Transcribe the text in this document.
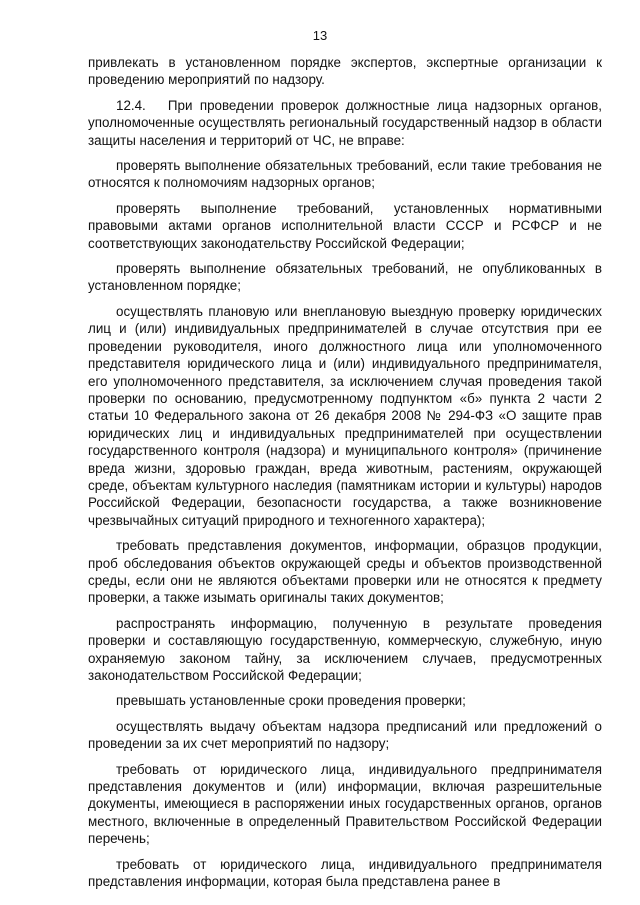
13

привлекать в установленном порядке экспертов, экспертные организации к проведению мероприятий по надзору.

12.4.   При проведении проверок должностные лица надзорных органов, уполномоченные осуществлять региональный государственный надзор в области защиты населения и территорий от ЧС, не вправе:

проверять выполнение обязательных требований, если такие требования не относятся к полномочиям надзорных органов;

проверять выполнение требований, установленных нормативными правовыми актами органов исполнительной власти СССР и РСФСР и не соответствующих законодательству Российской Федерации;

проверять выполнение обязательных требований, не опубликованных в установленном порядке;

осуществлять плановую или внеплановую выездную проверку юридических лиц и (или) индивидуальных предпринимателей в случае отсутствия при ее проведении руководителя, иного должностного лица или уполномоченного представителя юридического лица и (или) индивидуального предпринимателя, его уполномоченного представителя, за исключением случая проведения такой проверки по основанию, предусмотренному подпунктом «б» пункта 2 части 2 статьи 10 Федерального закона от 26 декабря 2008 № 294-ФЗ «О защите прав юридических лиц и индивидуальных предпринимателей при осуществлении государственного контроля (надзора) и муниципального контроля» (причинение вреда жизни, здоровью граждан, вреда животным, растениям, окружающей среде, объектам культурного наследия (памятникам истории и культуры) народов Российской Федерации, безопасности государства, а также возникновение чрезвычайных ситуаций природного и техногенного характера);

требовать представления документов, информации, образцов продукции, проб обследования объектов окружающей среды и объектов производственной среды, если они не являются объектами проверки или не относятся к предмету проверки, а также изымать оригиналы таких документов;

распространять информацию, полученную в результате проведения проверки и составляющую государственную, коммерческую, служебную, иную охраняемую законом тайну, за исключением случаев, предусмотренных законодательством Российской Федерации;

превышать установленные сроки проведения проверки;

осуществлять выдачу объектам надзора предписаний или предложений о проведении за их счет мероприятий по надзору;

требовать от юридического лица, индивидуального предпринимателя представления документов и (или) информации, включая разрешительные документы, имеющиеся в распоряжении иных государственных органов, органов местного, включенные в определенный Правительством Российской Федерации перечень;

требовать от юридического лица, индивидуального предпринимателя представления информации, которая была представлена ранее в
